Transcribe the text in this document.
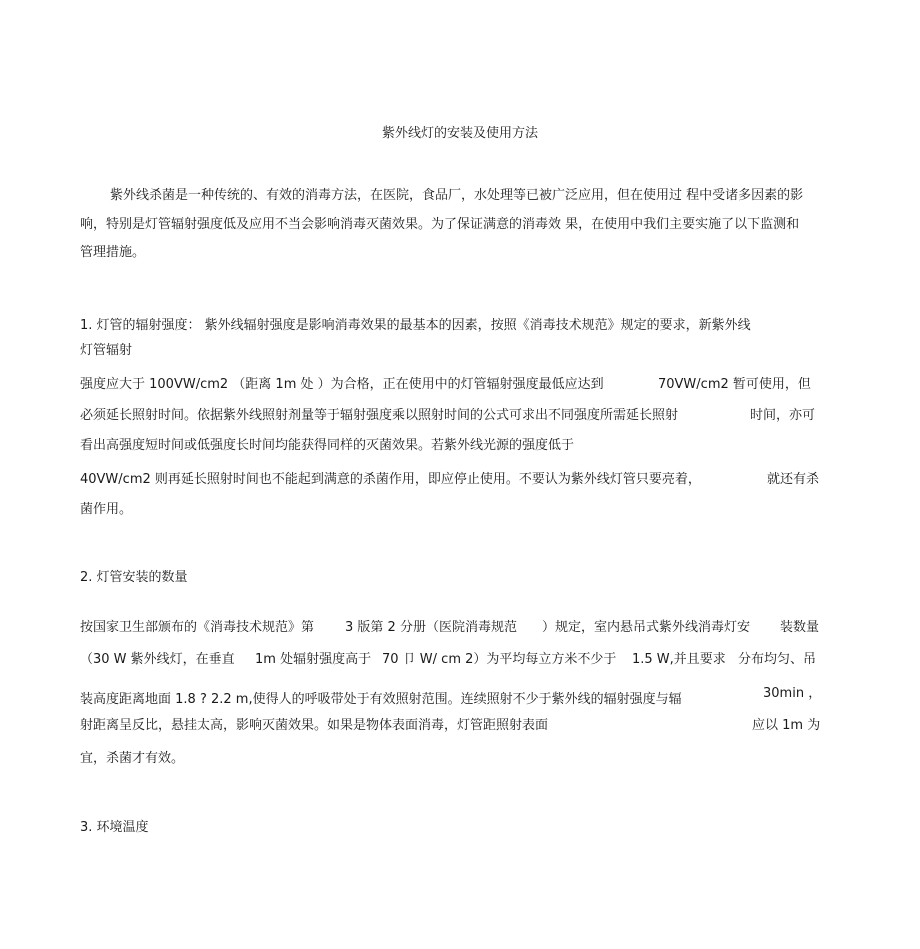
紫外线灯的安装及使用方法
紫外线杀菌是一种传统的、有效的消毒方法，在医院，食品厂，水处理等已被广泛应用，但在使用过 程中受诸多因素的影
响，特别是灯管辐射强度低及应用不当会影响消毒灭菌效果。为了保证满意的消毒效 果，在使用中我们主要实施了以下监测和
管理措施。
1. 灯管的辐射强度： 紫外线辐射强度是影响消毒效果的最基本的因素，按照《消毒技术规范》规定的要求，新紫外线
灯管辐射
强度应大于 100VW/cm2 （距离 1m 处 ）为合格，正在使用中的灯管辐射强度最低应达到	70VW/cm2 暂可使用，但
必须延长照射时间。依据紫外线照射剂量等于辐射强度乘以照射时间的公式可求出不同强度所需延长照射	时间，亦可
看出高强度短时间或低强度长时间均能获得同样的灭菌效果。若紫外线光源的强度低于
40VW/cm2 则再延长照射时间也不能起到满意的杀菌作用，即应停止使用。不要认为紫外线灯管只要亮着，	就还有杀
菌作用。
2. 灯管安装的数量
按国家卫生部颁布的《消毒技术规范》第 3 版第 2 分册（医院消毒规范 ）规定，室内悬吊式紫外线消毒灯安 装数量
（30 W 紫外线灯，在垂直 1m 处辐射强度高于 70 卩 W/ cm 2）为平均每立方米不少于 1.5 W,并且要求 分布均匀、吊
30min ，
装高度距离地面 1.8 ? 2.2 m,使得人的呼吸带处于有效照射范围。连续照射不少于紫外线的辐射强度与辐
射距离呈反比，悬挂太高，影响灭菌效果。如果是物体表面消毒，灯管距照射表面	应以 1m 为
宜，杀菌才有效。
3. 环境温度
